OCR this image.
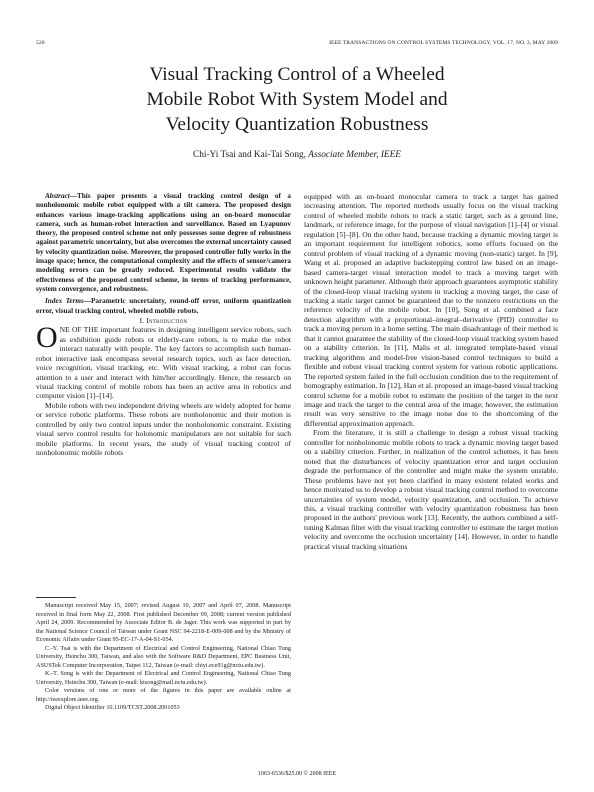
520	IEEE TRANSACTIONS ON CONTROL SYSTEMS TECHNOLOGY, VOL. 17, NO. 3, MAY 2009
Visual Tracking Control of a Wheeled
Mobile Robot With System Model and
Velocity Quantization Robustness
Chi-Yi Tsai and Kai-Tai Song, Associate Member, IEEE

Abstract—This paper presents a visual tracking control design of a nonholonomic mobile robot equipped with a tilt camera. The proposed design enhances various image-tracking applications using an on-board monocular camera, such as human-robot interaction and surveillance. Based on Lyapunov theory, the proposed control scheme not only possesses some degree of robustness against parametric uncertainty, but also overcomes the external uncertainty caused by velocity quantization noise. Moreover, the proposed controller fully works in the image space; hence, the computational complexity and the effects of sensor/camera modeling errors can be greatly reduced. Experimental results validate the effectiveness of the proposed control scheme, in terms of tracking performance, system convergence, and robustness.

Index Terms—Parametric uncertainty, round-off error, uniform quantization error, visual tracking control, wheeled mobile robots.

I. Introduction

ONE OF THE important features in designing intelligent service robots, such as exhibition guide robots or elderly-care robots, is to make the robot interact naturally with people. The key factors to accomplish such human-robot interactive task encompass several research topics, such as face detection, voice recognition, visual tracking, etc. With visual tracking, a robot can focus attention to a user and interact with him/her accordingly. Hence, the research on visual tracking control of mobile robots has been an active area in robotics and computer vision [1]–[14].

Mobile robots with two independent driving wheels are widely adopted for home or service robotic platforms. These robots are nonholonomic and their motion is controlled by only two control inputs under the nonholonomic constraint. Existing visual servo control results for holonomic manipulators are not suitable for such mobile platforms. In recent years, the study of visual tracking control of nonholonomic mobile robots

Manuscript received May 15, 2007; revised August 10, 2007 and April 07, 2008. Manuscript received in final form May 22, 2008. First published December 09, 2008; current version published April 24, 2009. Recommended by Associate Editor B. de Jager. This work was supported in part by the National Science Council of Taiwan under Grant NSC 94-2218-E-009-008 and by the Ministry of Economic Affairs under Grant 95-EC-17-A-04-S1-054.

C.-Y. Tsai is with the Department of Electrical and Control Engineering, National Chiao Tung University, Hsinchu 300, Taiwan, and also with the Software R&D Department, EPC Business Unit, ASUSTek Computer Incorporation, Taipei 112, Taiwan (e-mail: chiyi.ece91g@nctu.edu.tw).

K.-T. Song is with the Department of Electrical and Control Engineering, National Chiao Tung University, Hsinchu 300, Taiwan (e-mail: ktsong@mail.nctu.edu.tw).

Color versions of one or more of the figures in this paper are available online at http://ieeexplore.ieee.org.

Digital Object Identifier 10.1109/TCST.2008.2001053

equipped with an on-board monocular camera to track a target has gained increasing attention. The reported methods usually focus on the visual tracking control of wheeled mobile robots to track a static target, such as a ground line, landmark, or reference image, for the purpose of visual navigation [1]–[4] or visual regulation [5]–[8]. On the other hand, because tracking a dynamic moving target is an important requirement for intelligent robotics, some efforts focused on the control problem of visual tracking of a dynamic moving (non-static) target. In [9], Wang et al. proposed an adaptive backstepping control law based on an image-based camera-target visual interaction model to track a moving target with unknown height parameter. Although their approach guarantees asymptotic stability of the closed-loop visual tracking system in tracking a moving target, the case of tracking a static target cannot be guaranteed due to the nonzero restrictions on the reference velocity of the mobile robot. In [10], Song et al. combined a face detection algorithm with a proportional–integral–derivative (PID) controller to track a moving person in a home setting. The main disadvantage of their method is that it cannot guarantee the stability of the closed-loop visual tracking system based on a stability criterion. In [11], Malis et al. integrated template-based visual tracking algorithms and model-free vision-based control techniques to build a flexible and robust visual tracking control system for various robotic applications. The reported system failed in the full occlusion condition due to the requirement of homography estimation. In [12], Han et al. proposed an image-based visual tracking control scheme for a mobile robot to estimate the position of the target in the next image and track the target to the central area of the image; however, the estimation result was very sensitive to the image noise due to the shortcoming of the differential approximation approach.

From the literature, it is still a challenge to design a robust visual tracking controller for nonholonomic mobile robots to track a dynamic moving target based on a stability criterion. Further, in realization of the control schemes, it has been noted that the disturbances of velocity quantization error and target occlusion degrade the performance of the controller and might make the system unstable. These problems have not yet been clarified in many existent related works and hence motivated us to develop a robust visual tracking control method to overcome uncertainties of system model, velocity quantization, and occlusion. To achieve this, a visual tracking controller with velocity quantization robustness has been proposed in the authors' previous work [13]. Recently, the authors combined a self-tuning Kalman filter with the visual tracking controller to estimate the target motion velocity and overcome the occlusion uncertainty [14]. However, in order to handle practical visual tracking situations

1063-6536/$25.00 © 2008 IEEE
